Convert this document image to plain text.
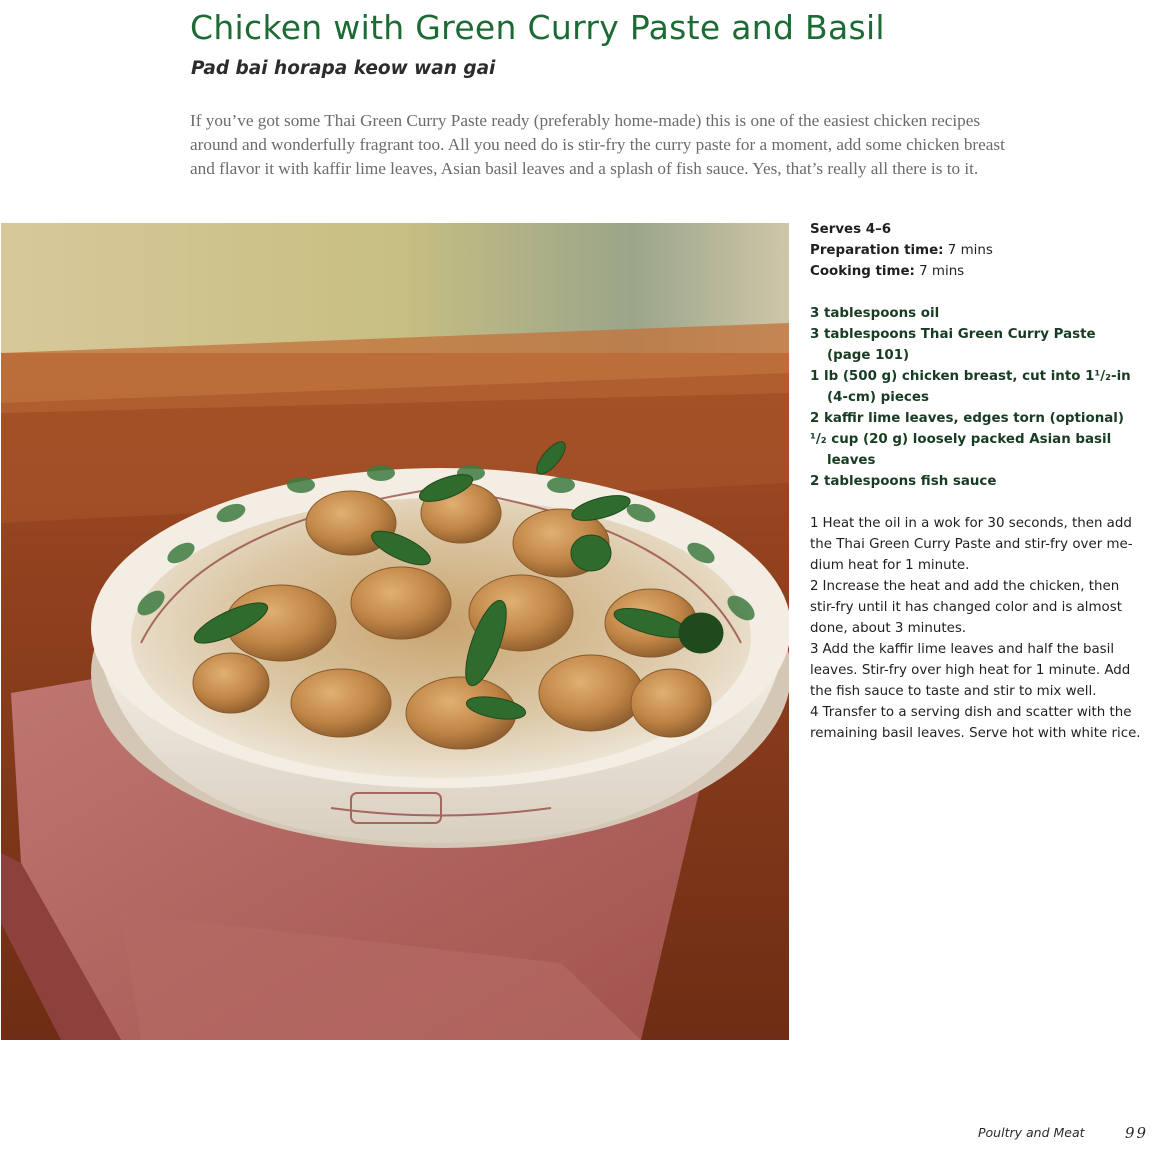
Chicken with Green Curry Paste and Basil
Pad bai horapa keow wan gai
If you’ve got some Thai Green Curry Paste ready (preferably home-made) this is one of the easiest chicken recipes
around and wonderfully fragrant too. All you need do is stir-fry the curry paste for a moment, add some chicken breast
and flavor it with kaffir lime leaves, Asian basil leaves and a splash of fish sauce. Yes, that’s really all there is to it.
Serves 4–6
Preparation time: 7 mins
Cooking time: 7 mins
3 tablespoons oil
3 tablespoons Thai Green Curry Paste
(page 101)
1 lb (500 g) chicken breast, cut into 1¹/₂-in
(4-cm) pieces
2 kaffir lime leaves, edges torn (optional)
¹/₂ cup (20 g) loosely packed Asian basil
leaves
2 tablespoons fish sauce
1 Heat the oil in a wok for 30 seconds, then add
the Thai Green Curry Paste and stir-fry over me-
dium heat for 1 minute.
2 Increase the heat and add the chicken, then
stir-fry until it has changed color and is almost
done, about 3 minutes.
3 Add the kaffir lime leaves and half the basil
leaves. Stir-fry over high heat for 1 minute. Add
the fish sauce to taste and stir to mix well.
4 Transfer to a serving dish and scatter with the
remaining basil leaves. Serve hot with white rice.
Poultry and Meat	99
